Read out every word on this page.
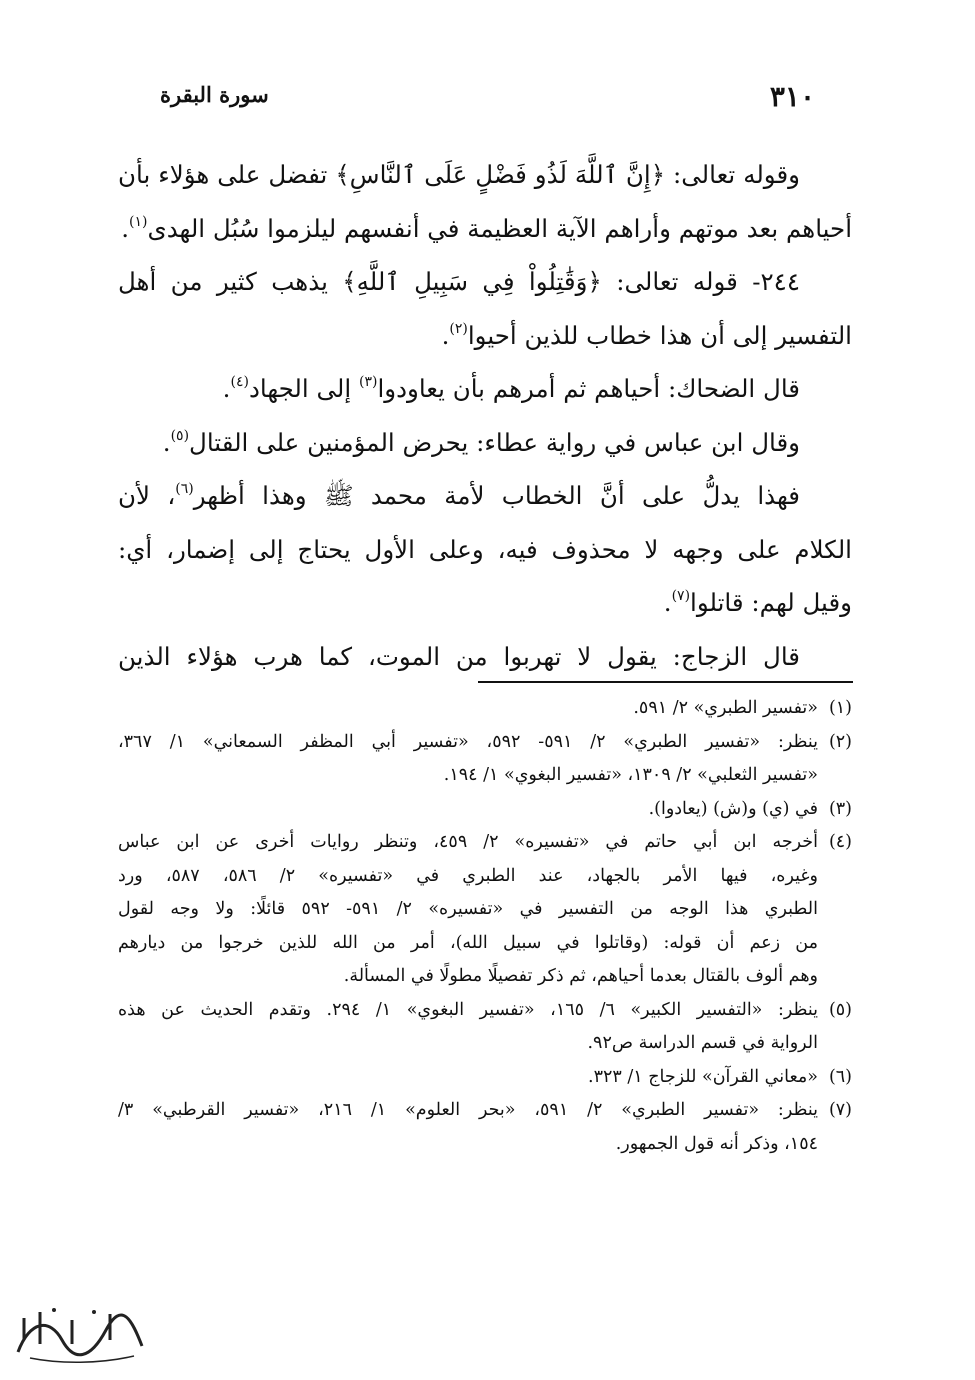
سورة البقرة	٣١٠

وقوله تعالى: ﴿إِنَّ ٱللَّهَ لَذُو فَضْلٍ عَلَى ٱلنَّاسِ﴾ تفضل على هؤلاء بأن

أحياهم بعد موتهم وأراهم الآية العظيمة في أنفسهم ليلزموا سُبُل الهدى$^{(١)}$.

٢٤٤- قوله تعالى: ﴿وَقَٰتِلُواْ فِي سَبِيلِ ٱللَّهِ﴾ يذهب كثير من أهل

التفسير إلى أن هذا خطاب للذين أحيوا$^{(٢)}$.

قال الضحاك: أحياهم ثم أمرهم بأن يعاودوا$^{(٣)}$ إلى الجهاد$^{(٤)}$.

وقال ابن عباس في رواية عطاء: يحرض المؤمنين على القتال$^{(٥)}$.

فهذا يدلُّ على أنَّ الخطاب لأمة محمد ﷺ وهذا أظهر$^{(٦)}$، لأن

الكلام على وجهه لا محذوف فيه، وعلى الأول يحتاج إلى إضمار، أي:

وقيل لهم: قاتلوا$^{(٧)}$.

قال الزجاج: يقول لا تهربوا من الموت، كما هرب هؤلاء الذين

(١)
«تفسير الطبري» ٢/ ٥٩١.
(٢)
ينظر: «تفسير الطبري» ٢/ ٥٩١- ٥٩٢، «تفسير أبي المظفر السمعاني» ١/ ٣٦٧،
«تفسير الثعلبي» ٢/ ١٣٠٩، «تفسير البغوي» ١/ ١٩٤.
(٣)
في (ي) و(ش) (يعادوا).
(٤)
أخرجه ابن أبي حاتم في «تفسيره» ٢/ ٤٥٩، وتنظر روايات أخرى عن ابن عباس
وغيره، فيها الأمر بالجهاد، عند الطبري في «تفسيره» ٢/ ٥٨٦، ٥٨٧، ورد
الطبري هذا الوجه من التفسير في «تفسيره» ٢/ ٥٩١- ٥٩٢ قائلًا: ولا وجه لقول
من زعم أن قوله: (وقاتلوا في سبيل الله)، أمر من الله للذين خرجوا من ديارهم
وهم ألوف بالقتال بعدما أحياهم، ثم ذكر تفصيلًا مطولًا في المسألة.
(٥)
ينظر: «التفسير الكبير» ٦/ ١٦٥، «تفسير البغوي» ١/ ٢٩٤. وتقدم الحديث عن هذه
الرواية في قسم الدراسة ص٩٢.
(٦)
«معاني القرآن» للزجاج ١/ ٣٢٣.
(٧)
ينظر: «تفسير الطبري» ٢/ ٥٩١، «بحر العلوم» ١/ ٢١٦، «تفسير القرطبي» ٣/
١٥٤، وذكر أنه قول الجمهور.
